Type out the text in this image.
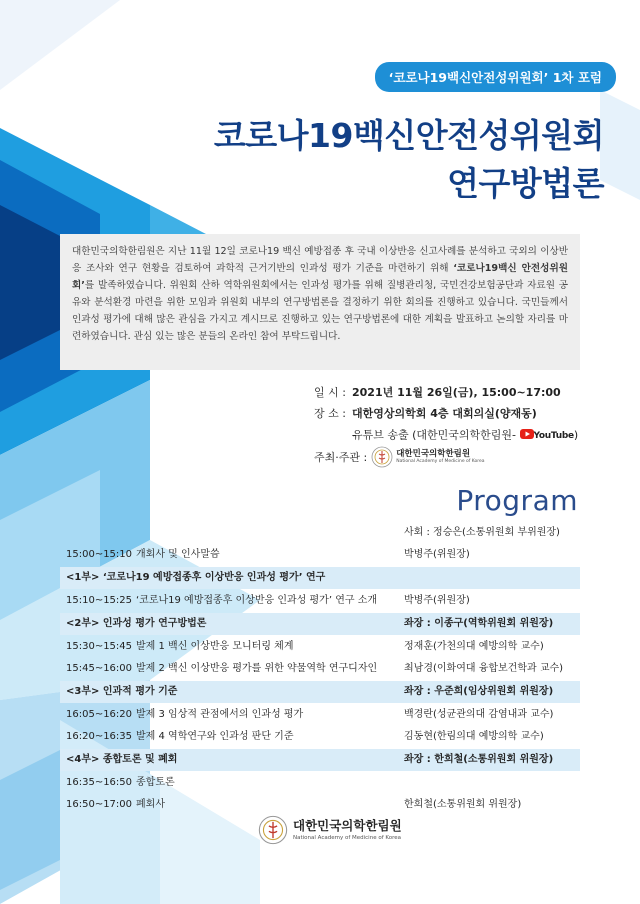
‘코로나19백신안전성위원회’ 1차 포럼
코로나19백신안전성위원회
연구방법론
대한민국의학한림원은 지난 11월 12일 코로나19 백신 예방접종 후 국내 이상반응 신고사례를 분석하고 국외의 이상반응 조사와 연구 현황을 검토하여 과학적 근거기반의 인과성 평가 기준을 마련하기 위해 ‘코로나19백신 안전성위원회’를 발족하였습니다. 위원회 산하 역학위원회에서는 인과성 평가를 위해 질병관리청, 국민건강보험공단과 자료원 공유와 분석환경 마련을 위한 모임과 위원회 내부의 연구방법론을 결정하기 위한 회의를 진행하고 있습니다. 국민들께서 인과성 평가에 대해 많은 관심을 가지고 계시므로 진행하고 있는 연구방법론에 대한 계획을 발표하고 논의할 자리를 마련하였습니다. 관심 있는 많은 분들의 온라인 참여 부탁드립니다.
일 시 : 2021년 11월 26일(금), 15:00~17:00
장 소 : 대한영상의학회 4층 대회의실(양재동)
유튜브 송출 (대한민국의학한림원- YouTube)
주최·주관 :	대한민국의학한림원
National Academy of Medicine of Korea
Program
사회 : 정승은(소통위원회 부위원장)
15:00~15:10 개회사 및 인사말씀	박병주(위원장)
<1부> ‘코로나19 예방접종후 이상반응 인과성 평가’ 연구
15:10~15:25 ‘코로나19 예방접종후 이상반응 인과성 평가’ 연구 소개	박병주(위원장)
<2부> 인과성 평가 연구방법론	좌장 : 이종구(역학위원회 위원장)
15:30~15:45 발제 1 백신 이상반응 모니터링 체계	정재훈(가천의대 예방의학 교수)
15:45~16:00 발제 2 백신 이상반응 평가를 위한 약물역학 연구디자인	최남경(이화여대 융합보건학과 교수)
<3부> 인과적 평가 기준	좌장 : 우준희(임상위원회 위원장)
16:05~16:20 발제 3 임상적 관점에서의 인과성 평가	백경란(성균관의대 감염내과 교수)
16:20~16:35 발제 4 역학연구와 인과성 판단 기준	김동현(한림의대 예방의학 교수)
<4부> 종합토론 및 폐회	좌장 : 한희철(소통위원회 위원장)
16:35~16:50 종합토론
16:50~17:00 폐회사	한희철(소통위원회 위원장)
대한민국의학한림원
National Academy of Medicine of Korea
